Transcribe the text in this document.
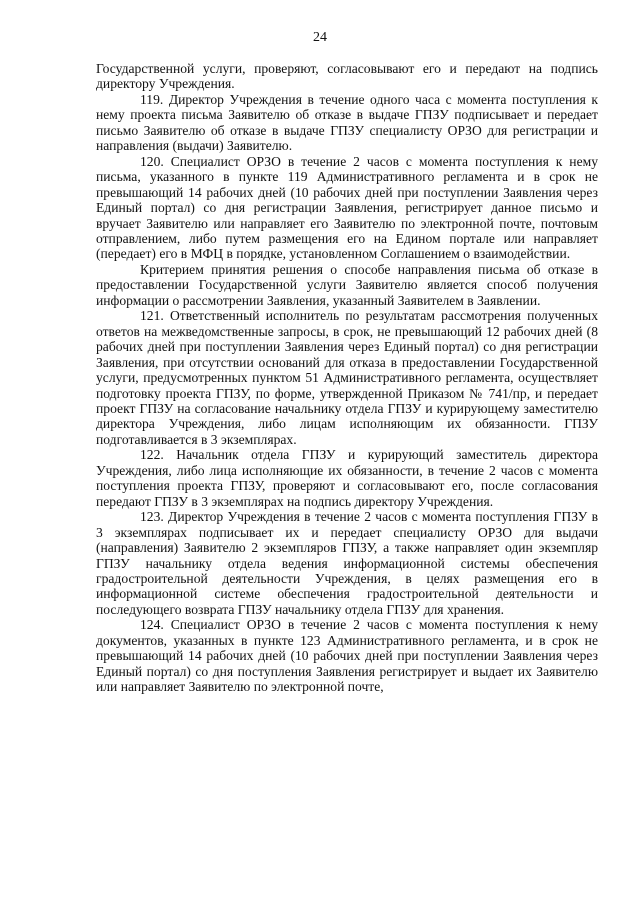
24

Государственной услуги, проверяют, согласовывают его и передают на подпись директору Учреждения.

119. Директор Учреждения в течение одного часа с момента поступления к нему проекта письма Заявителю об отказе в выдаче ГПЗУ подписывает и передает письмо Заявителю об отказе в выдаче ГПЗУ специалисту ОРЗО для регистрации и направления (выдачи) Заявителю.

120. Специалист ОРЗО в течение 2 часов с момента поступления к нему письма, указанного в пункте 119 Административного регламента и в срок не превышающий 14 рабочих дней (10 рабочих дней при поступлении Заявления через Единый портал) со дня регистрации Заявления, регистрирует данное письмо и вручает Заявителю или направляет его Заявителю по электронной почте, почтовым отправлением, либо путем размещения его на Едином портале или направляет (передает) его в МФЦ в порядке, установленном Соглашением о взаимодействии.

Критерием принятия решения о способе направления письма об отказе в предоставлении Государственной услуги Заявителю является способ получения информации о рассмотрении Заявления, указанный Заявителем в Заявлении.

121. Ответственный исполнитель по результатам рассмотрения полученных ответов на межведомственные запросы, в срок, не превышающий 12 рабочих дней (8 рабочих дней при поступлении Заявления через Единый портал) со дня регистрации Заявления, при отсутствии оснований для отказа в предоставлении Государственной услуги, предусмотренных пунктом 51 Административного регламента, осуществляет подготовку проекта ГПЗУ, по форме, утвержденной Приказом № 741/пр, и передает проект ГПЗУ на согласование начальнику отдела ГПЗУ и курирующему заместителю директора Учреждения, либо лицам исполняющим их обязанности. ГПЗУ подготавливается в 3 экземплярах.

122. Начальник отдела ГПЗУ и курирующий заместитель директора Учреждения, либо лица исполняющие их обязанности, в течение 2 часов с момента поступления проекта ГПЗУ, проверяют и согласовывают его, после согласования передают ГПЗУ в 3 экземплярах на подпись директору Учреждения.

123. Директор Учреждения в течение 2 часов с момента поступления ГПЗУ в 3 экземплярах подписывает их и передает специалисту ОРЗО для выдачи (направления) Заявителю 2 экземпляров ГПЗУ, а также направляет один экземпляр ГПЗУ начальнику отдела ведения информационной системы обеспечения градостроительной деятельности Учреждения, в целях размещения его в информационной системе обеспечения градостроительной деятельности и последующего возврата ГПЗУ начальнику отдела ГПЗУ для хранения.

124. Специалист ОРЗО в течение 2 часов с момента поступления к нему документов, указанных в пункте 123 Административного регламента, и в срок не превышающий 14 рабочих дней (10 рабочих дней при поступлении Заявления через Единый портал) со дня поступления Заявления регистрирует и выдает их Заявителю или направляет Заявителю по электронной почте,
